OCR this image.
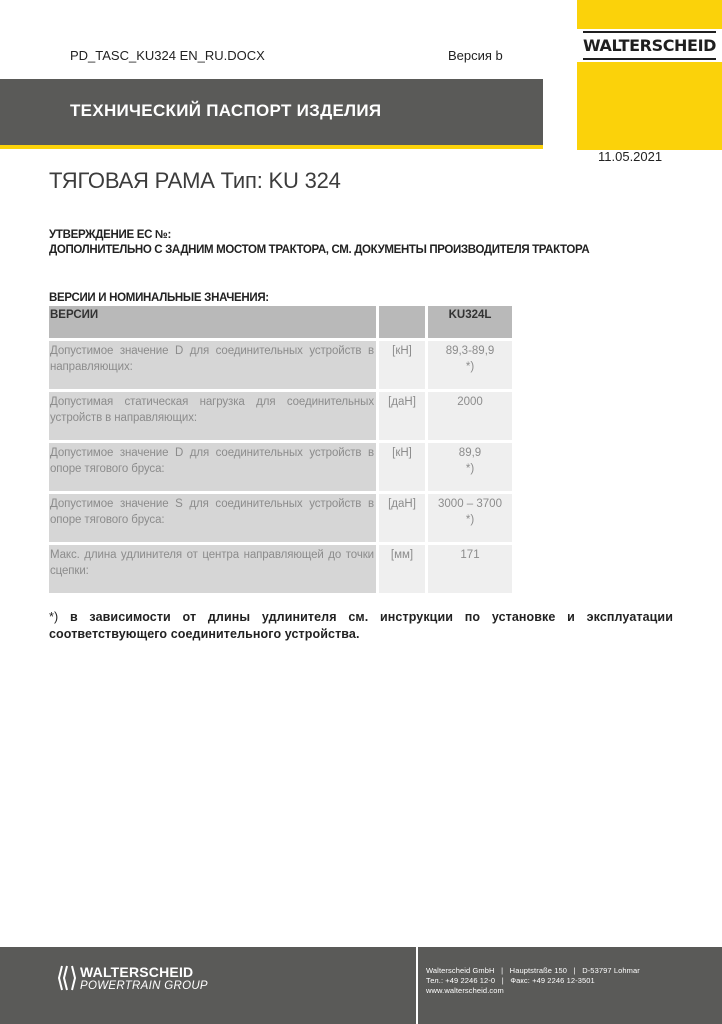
WALTERSCHEID
PD_TASC_KU324 EN_RU.DOCX	Версия b
ТЕХНИЧЕСКИЙ ПАСПОРТ ИЗДЕЛИЯ
11.05.2021
ТЯГОВАЯ РАМА Тип: KU 324
УТВЕРЖДЕНИЕ ЕС №:
ДОПОЛНИТЕЛЬНО С ЗАДНИМ МОСТОМ ТРАКТОРА, СМ. ДОКУМЕНТЫ ПРОИЗВОДИТЕЛЯ ТРАКТОРА
ВЕРСИИ И НОМИНАЛЬНЫЕ ЗНАЧЕНИЯ:
ВЕРСИИ	KU324L
Допустимое значение D для соединительных устройств в направляющих:
[кН]	89,3-89,9
*)
Допустимая статическая нагрузка для соединительных устройств в направляющих:
[даН]	2000
Допустимое значение D для соединительных устройств в опоре тягового бруса:
[кН]	89,9
*)
Допустимое значение S для соединительных устройств в опоре тягового бруса:
[даН]	3000 – 3700
*)
Макс. длина удлинителя от центра направляющей до точки сцепки:
[мм]	171
*) в зависимости от длины удлинителя см. инструкции по установке и эксплуатации соответствующего соединительного устройства.
WALTERSCHEID
POWERTRAIN GROUP
Walterscheid GmbH   |   Hauptstraße 150   |   D-53797 Lohmar
Тел.: +49 2246 12-0   |   Факс: +49 2246 12-3501
www.walterscheid.com
